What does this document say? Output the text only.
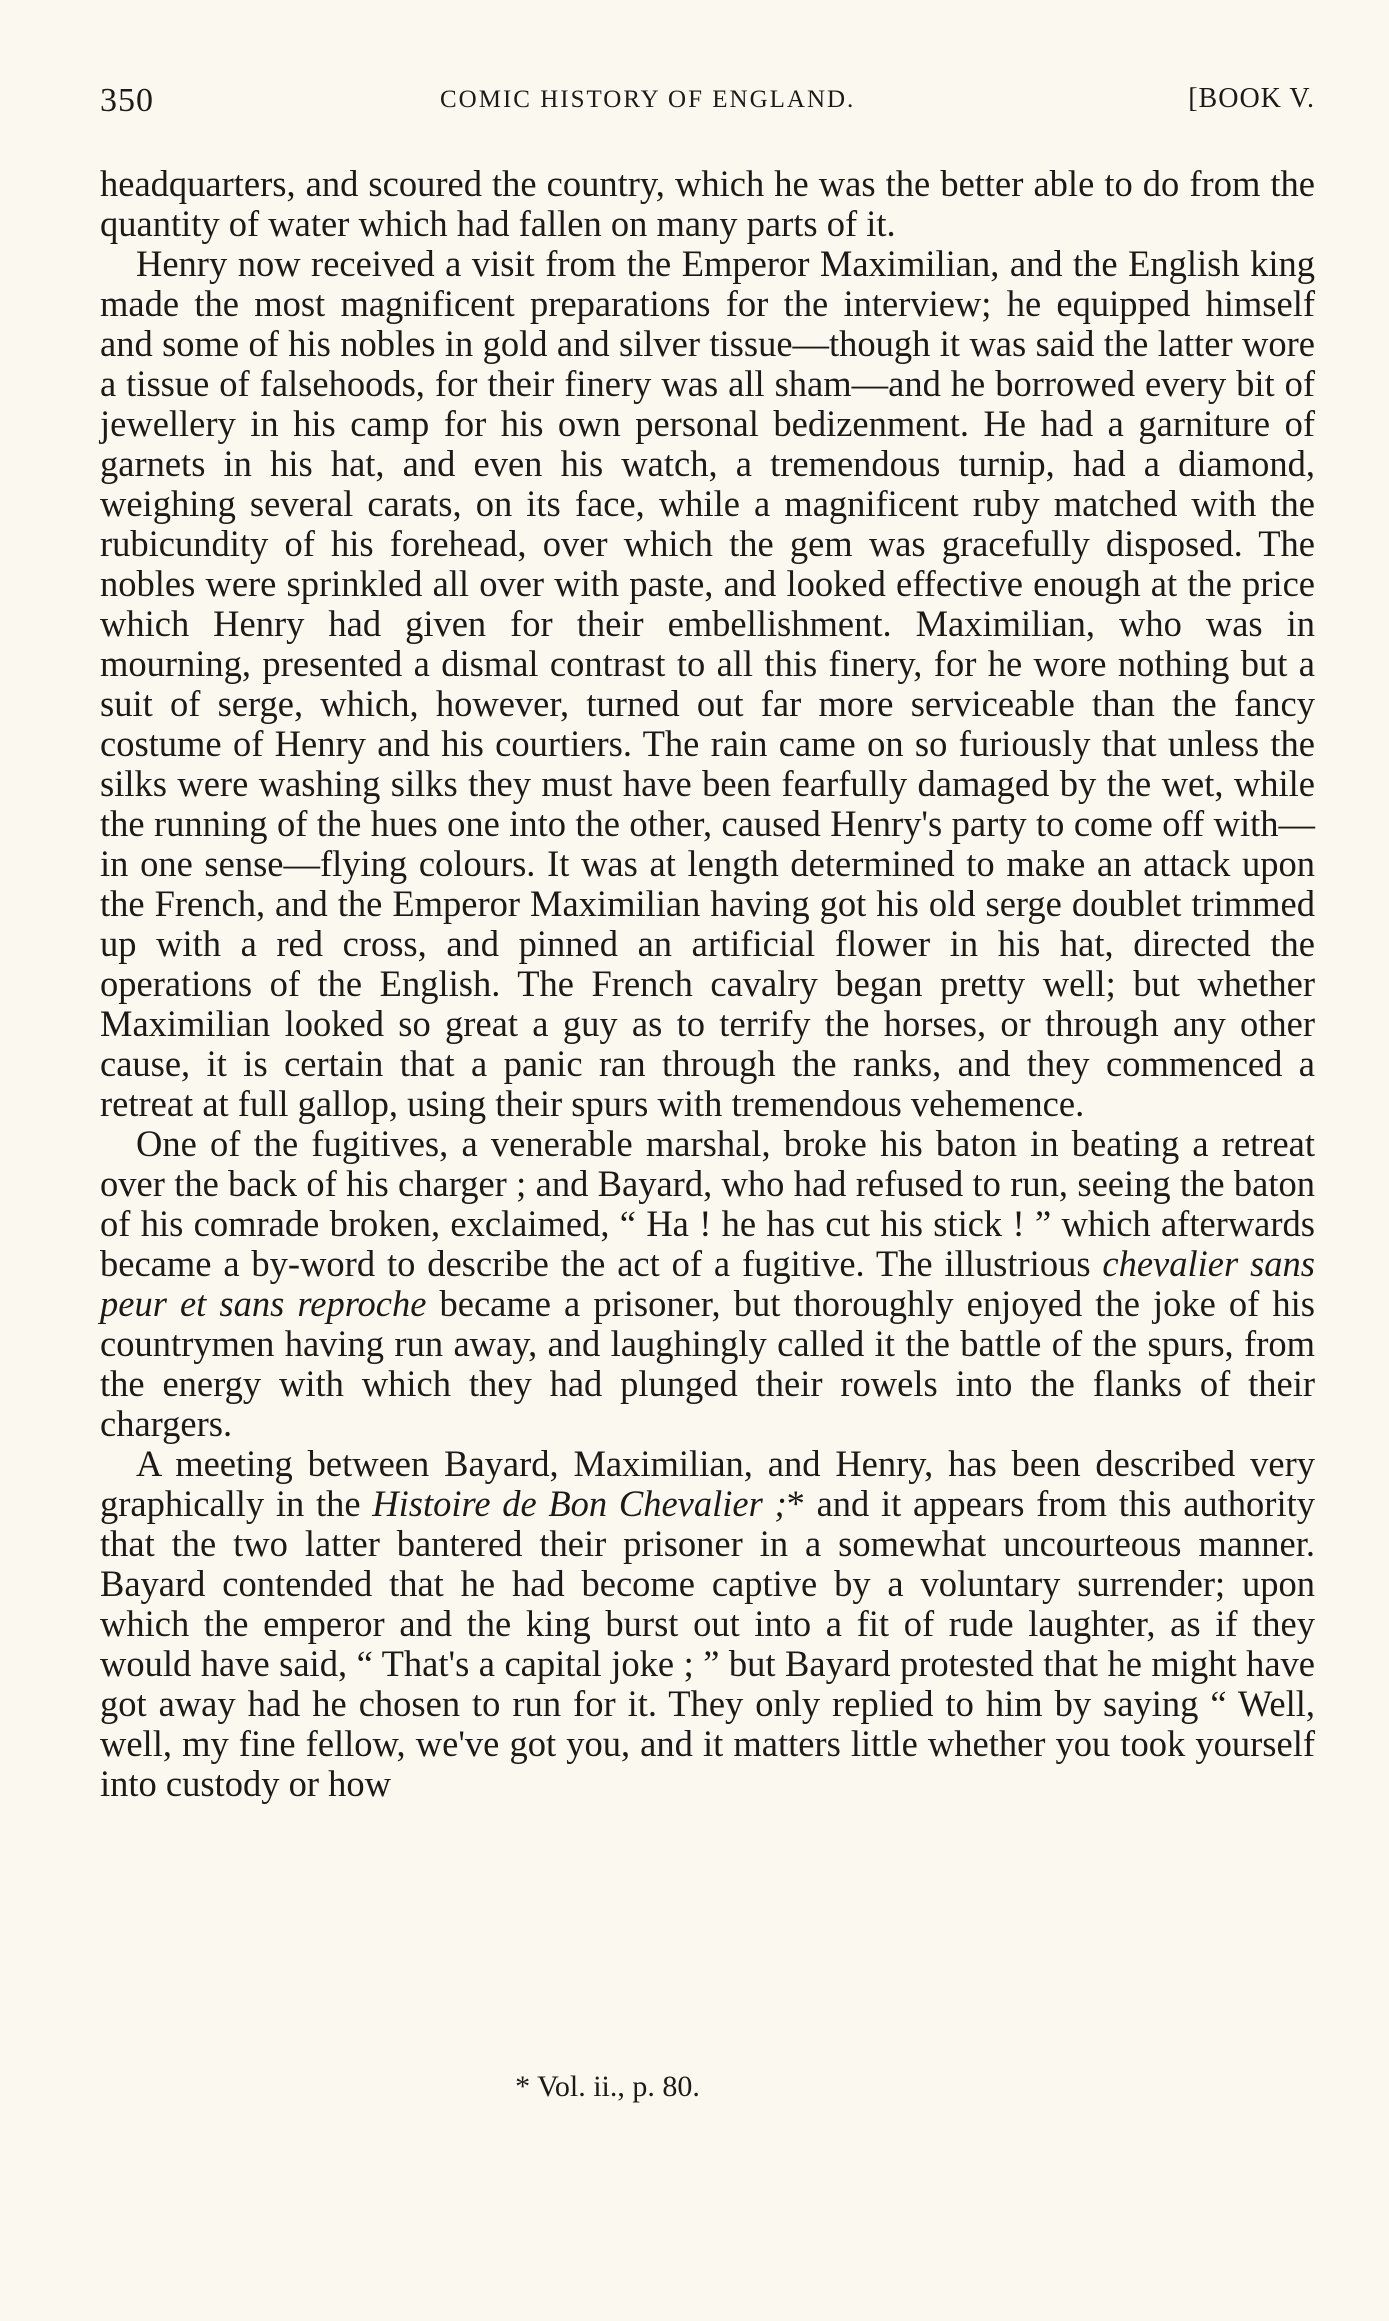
350	COMIC HISTORY OF ENGLAND.	[BOOK V.

headquarters, and scoured the country, which he was the better able to do from the quantity of water which had fallen on many parts of it.

Henry now received a visit from the Emperor Maximilian, and the English king made the most magnificent preparations for the interview; he equipped himself and some of his nobles in gold and silver tissue—though it was said the latter wore a tissue of falsehoods, for their finery was all sham—and he borrowed every bit of jewellery in his camp for his own personal bedizenment. He had a garniture of garnets in his hat, and even his watch, a tremendous turnip, had a diamond, weighing several carats, on its face, while a magnificent ruby matched with the rubicundity of his forehead, over which the gem was gracefully disposed. The nobles were sprinkled all over with paste, and looked effective enough at the price which Henry had given for their embellishment. Maximilian, who was in mourning, presented a dismal contrast to all this finery, for he wore nothing but a suit of serge, which, however, turned out far more serviceable than the fancy costume of Henry and his courtiers. The rain came on so furiously that unless the silks were washing silks they must have been fearfully damaged by the wet, while the running of the hues one into the other, caused Henry's party to come off with—in one sense—flying colours. It was at length determined to make an attack upon the French, and the Emperor Maximilian having got his old serge doublet trimmed up with a red cross, and pinned an artificial flower in his hat, directed the operations of the English. The French cavalry began pretty well; but whether Maximilian looked so great a guy as to terrify the horses, or through any other cause, it is certain that a panic ran through the ranks, and they commenced a retreat at full gallop, using their spurs with tremendous vehemence.

One of the fugitives, a venerable marshal, broke his baton in beating a retreat over the back of his charger ; and Bayard, who had refused to run, seeing the baton of his comrade broken, exclaimed, “ Ha ! he has cut his stick ! ” which afterwards became a by-word to describe the act of a fugitive. The illustrious chevalier sans peur et sans reproche became a prisoner, but thoroughly enjoyed the joke of his countrymen having run away, and laughingly called it the battle of the spurs, from the energy with which they had plunged their rowels into the flanks of their chargers.

A meeting between Bayard, Maximilian, and Henry, has been described very graphically in the Histoire de Bon Chevalier ;* and it appears from this authority that the two latter bantered their prisoner in a somewhat uncourteous manner. Bayard contended that he had become captive by a voluntary surrender; upon which the emperor and the king burst out into a fit of rude laughter, as if they would have said, “ That's a capital joke ; ” but Bayard protested that he might have got away had he chosen to run for it. They only replied to him by saying “ Well, well, my fine fellow, we've got you, and it matters little whether you took yourself into custody or how

* Vol. ii., p. 80.
